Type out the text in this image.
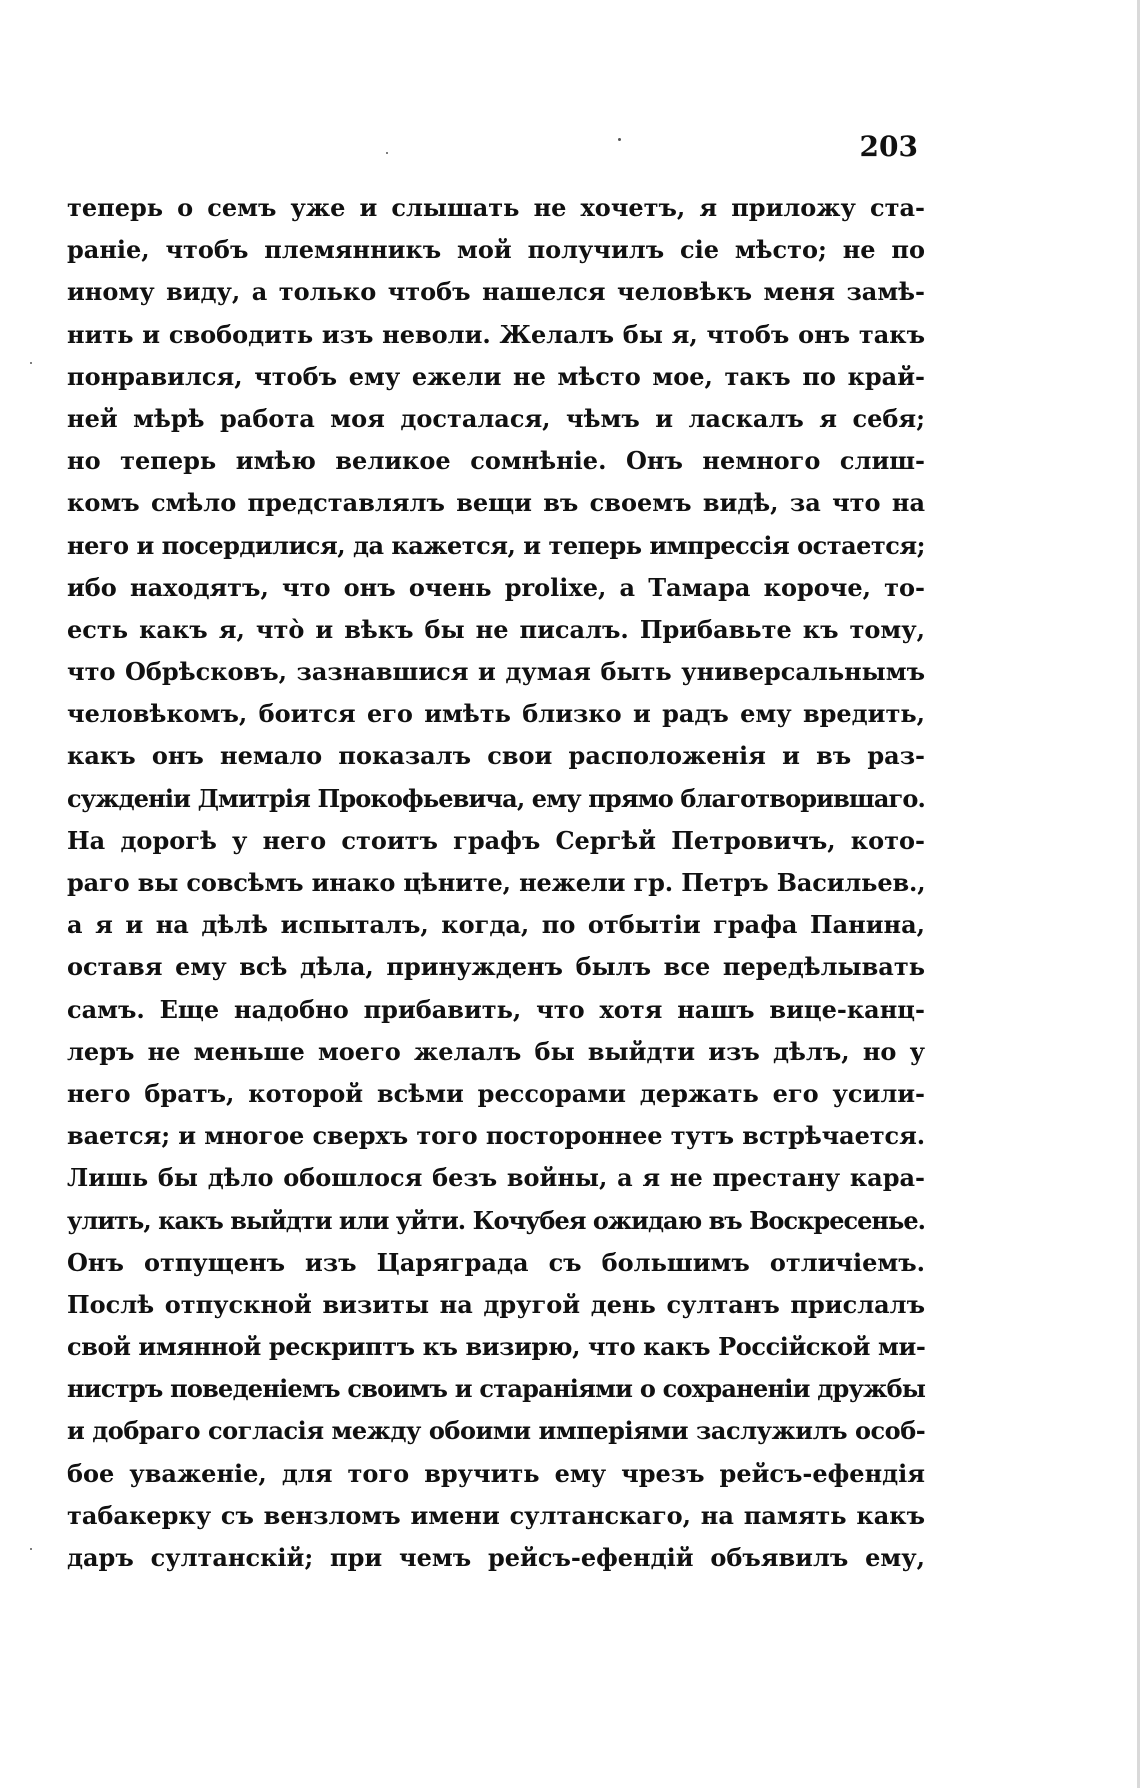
203
теперь о семъ уже и слышать не хочетъ, я приложу ста-
раніе, чтобъ племянникъ мой получилъ сіе мѣсто; не по
иному виду, а только чтобъ нашелся человѣкъ меня замѣ-
нить и свободить изъ неволи. Желалъ бы я, чтобъ онъ такъ
понравился, чтобъ ему ежели не мѣсто мое, такъ по край-
ней мѣрѣ работа моя досталася, чѣмъ и ласкалъ я себя;
но теперь имѣю великое сомнѣніе. Онъ немного слиш-
комъ смѣло представлялъ вещи въ своемъ видѣ, за что на
него и посердилися, да кажется, и теперь импрессія остается;
ибо находятъ, что онъ очень prolixe, а Тамара короче, то-
есть какъ я, что̀ и вѣкъ бы не писалъ. Прибавьте къ тому,
что Обрѣсковъ, зазнавшися и думая быть универсальнымъ
человѣкомъ, боится его имѣть близко и радъ ему вредить,
какъ онъ немало показалъ свои расположенія и въ раз-
сужденіи Дмитрія Прокофьевича, ему прямо благотворившаго.
На дорогѣ у него стоитъ графъ Сергѣй Петровичъ, кото-
раго вы совсѣмъ инако цѣните, нежели гр. Петръ Васильев.,
а я и на дѣлѣ испыталъ, когда, по отбытіи графа Панина,
оставя ему всѣ дѣла, принужденъ былъ все передѣлывать
самъ. Еще надобно прибавить, что хотя нашъ вице-канц-
леръ не меньше моего желалъ бы выйдти изъ дѣлъ, но у
него братъ, которой всѣми рессорами держать его усили-
вается; и многое сверхъ того постороннее тутъ встрѣчается.
Лишь бы дѣло обошлося безъ войны, а я не престану кара-
улить, какъ выйдти или уйти. Кочубея ожидаю въ Воскресенье.
Онъ отпущенъ изъ Царяграда съ большимъ отличіемъ.
Послѣ отпускной визиты на другой день султанъ прислалъ
свой имянной рескриптъ къ визирю, что какъ Россійской ми-
нистръ поведеніемъ своимъ и стараніями о сохраненіи дружбы
и добраго согласія между обоими имперіями заслужилъ особ-
бое уваженіе, для того вручить ему чрезъ рейсъ-ефендія
табакерку съ вензломъ имени султанскаго, на память какъ
даръ султанскій; при чемъ рейсъ-ефендій объявилъ ему,
